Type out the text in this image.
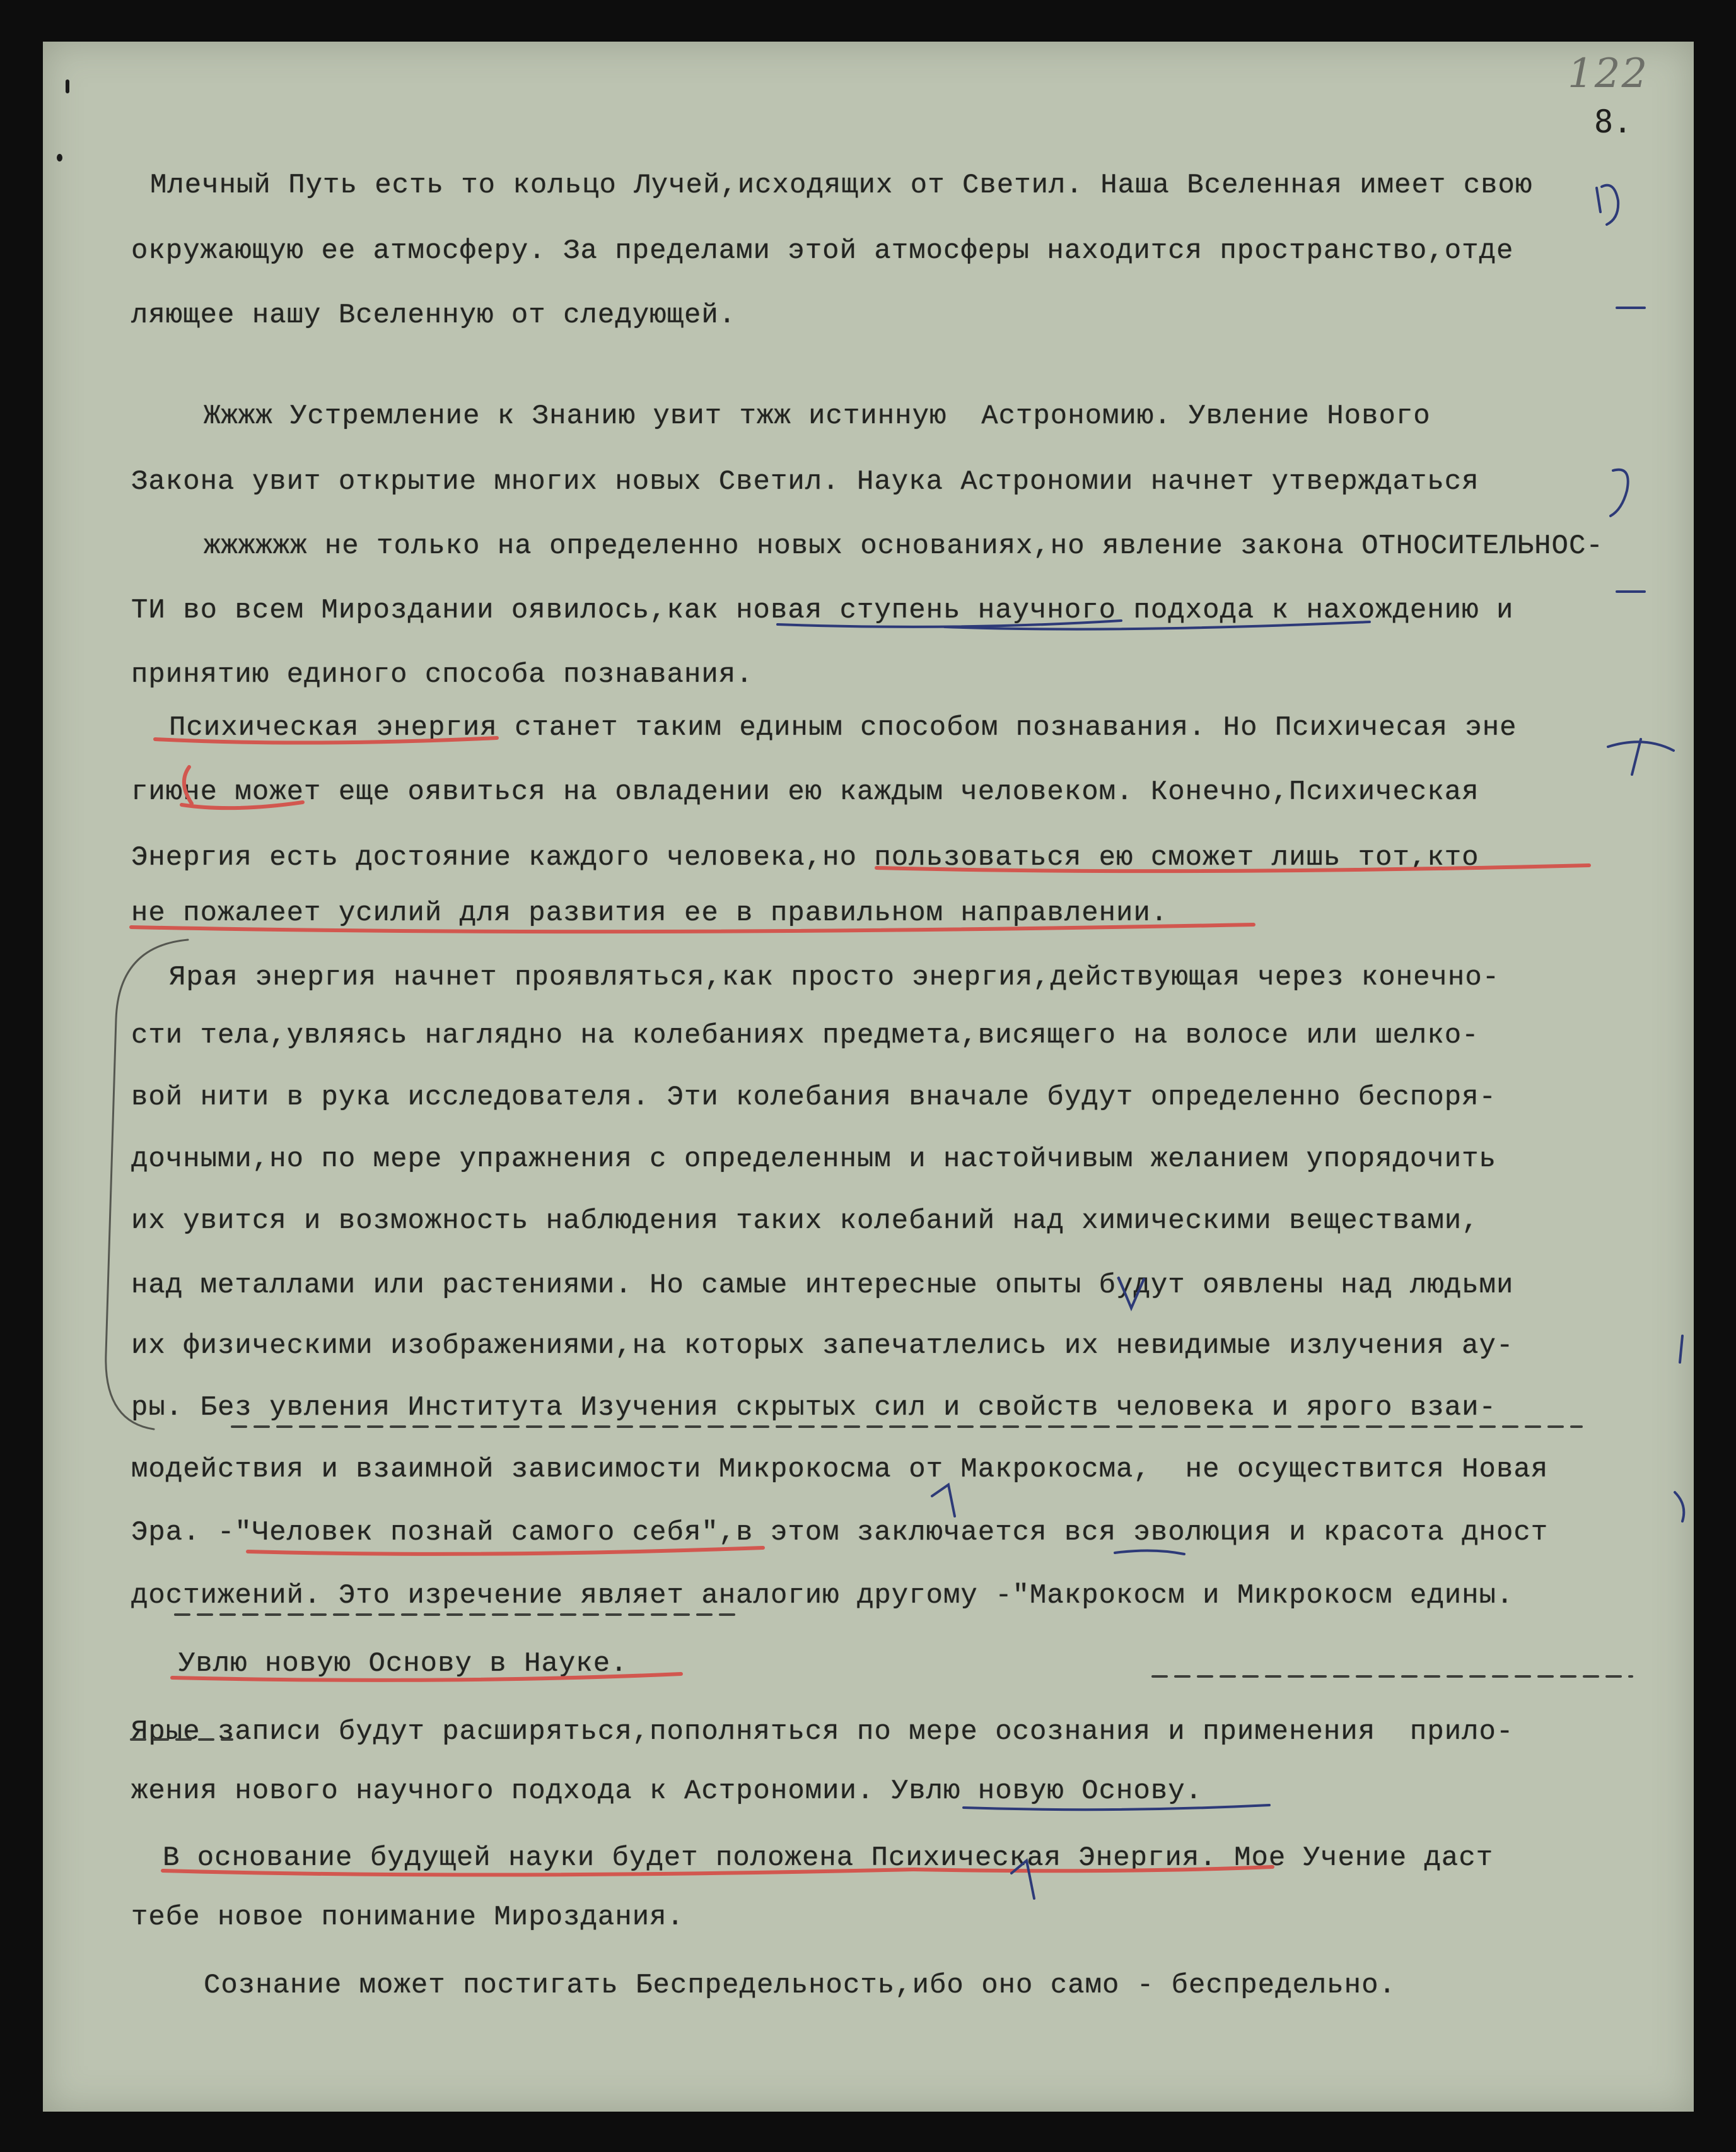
122
8.
Млечный Путь есть то кольцо Лучей,исходящих от Светил. Наша Вселенная имеет свою
окружающую ее атмосферу. За пределами этой атмосферы находится пространство,отде
ляющее нашу Вселенную от следующей.
Жжжж Устремление к Знанию увит тжж истинную  Астрономию. Увление Нового
Закона увит открытие многих новых Светил. Наука Астрономии начнет утверждаться
жжжжжж не только на определенно новых основаниях,но явление закона ОТНОСИТЕЛЬНОС-
ТИ во всем Мироздании оявилось,как новая ступень научного подхода к нахождению и
принятию единого способа познавания.
Психическая энергия станет таким единым способом познавания. Но Психичесая эне
гиюне может еще оявиться на овладении ею каждым человеком. Конечно,Психическая
Энергия есть достояние каждого человека,но пользоваться ею сможет лишь тот,кто
не пожалеет усилий для развития ее в правильном направлении.
Ярая энергия начнет проявляться,как просто энергия,действующая через конечно-
сти тела,увляясь наглядно на колебаниях предмета,висящего на волосе или шелко-
вой нити в рука исследователя. Эти колебания вначале будут определенно беспоря-
дочными,но по мере упражнения с определенным и настойчивым желанием упорядочить
их увится и возможность наблюдения таких колебаний над химическими веществами,
над металлами или растениями. Но самые интересные опыты будут оявлены над людьми
их физическими изображениями,на которых запечатлелись их невидимые излучения ау-
ры. Без увления Института Изучения скрытых сил и свойств человека и ярого взаи-
модействия и взаимной зависимости Микрокосма от Макрокосма,  не осуществится Новая
Эра. -"Человек познай самого себя",в этом заключается вся эволюция и красота дност
достижений. Это изречение являет аналогию другому -"Макрокосм и Микрокосм едины.
Увлю новую Основу в Науке.
Ярые записи будут расширяться,пополняться по мере осознания и применения  прило-
жения нового научного подхода к Астрономии. Увлю новую Основу.
В основание будущей науки будет положена Психическая Энергия. Мое Учение даст
тебе новое понимание Мироздания.
Сознание может постигать Беспредельность,ибо оно само - беспредельно.
